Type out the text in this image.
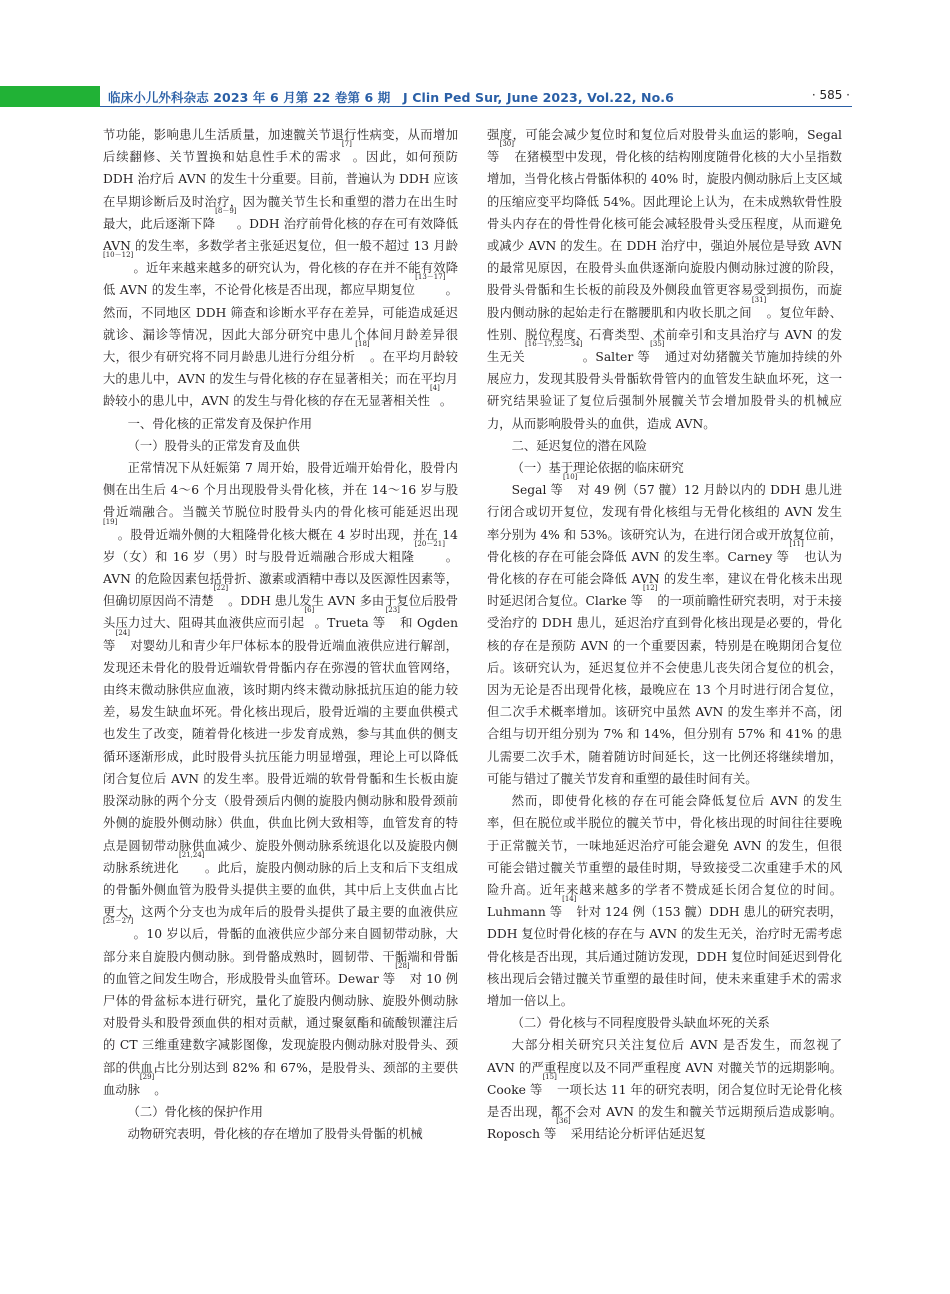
临床小儿外科杂志 2023 年 6 月第 22 卷第 6 期　J Clin Ped Sur, June 2023, Vol.22, No.6	· 585 ·

节功能，影响患儿生活质量，加速髋关节退行性病变，从而增加后续翻修、关节置换和姑息性手术的需求[7]。因此，如何预防 DDH 治疗后 AVN 的发生十分重要。目前，普遍认为 DDH 应该在早期诊断后及时治疗，因为髋关节生长和重塑的潜力在出生时最大，此后逐渐下降[8－9]。DDH 治疗前骨化核的存在可有效降低 AVN 的发生率，多数学者主张延迟复位，但一般不超过 13 月龄[10－12]。近年来越来越多的研究认为，骨化核的存在并不能有效降低 AVN 的发生率，不论骨化核是否出现，都应早期复位[13－17]。然而，不同地区 DDH 筛查和诊断水平存在差异，可能造成延迟就诊、漏诊等情况，因此大部分研究中患儿个体间月龄差异很大，很少有研究将不同月龄患儿进行分组分析[18]。在平均月龄较大的患儿中，AVN 的发生与骨化核的存在显著相关；而在平均月龄较小的患儿中，AVN 的发生与骨化核的存在无显著相关性[4]。

一、骨化核的正常发育及保护作用

（一）股骨头的正常发育及血供

正常情况下从妊娠第 7 周开始，股骨近端开始骨化，股骨内侧在出生后 4～6 个月出现股骨头骨化核，并在 14～16 岁与股骨近端融合。当髋关节脱位时股骨头内的骨化核可能延迟出现[19]。股骨近端外侧的大粗隆骨化核大概在 4 岁时出现，并在 14 岁（女）和 16 岁（男）时与股骨近端融合形成大粗隆[20－21]。AVN 的危险因素包括骨折、激素或酒精中毒以及医源性因素等，但确切原因尚不清楚[22]。DDH 患儿发生 AVN 多由于复位后股骨头压力过大、阻碍其血液供应而引起[6]。Trueta 等[23]和 Ogden 等[24]对婴幼儿和青少年尸体标本的股骨近端血液供应进行解剖，发现还未骨化的股骨近端软骨骨骺内存在弥漫的管状血管网络，由终末微动脉供应血液，该时期内终末微动脉抵抗压迫的能力较差，易发生缺血坏死。骨化核出现后，股骨近端的主要血供模式也发生了改变，随着骨化核进一步发育成熟，参与其血供的侧支循环逐渐形成，此时股骨头抗压能力明显增强，理论上可以降低闭合复位后 AVN 的发生率。股骨近端的软骨骨骺和生长板由旋股深动脉的两个分支（股骨颈后内侧的旋股内侧动脉和股骨颈前外侧的旋股外侧动脉）供血，供血比例大致相等，血管发育的特点是圆韧带动脉供血减少、旋股外侧动脉系统退化以及旋股内侧动脉系统进化[21,24]。此后，旋股内侧动脉的后上支和后下支组成的骨骺外侧血管为股骨头提供主要的血供，其中后上支供血占比更大，这两个分支也为成年后的股骨头提供了最主要的血液供应[25－27]。10 岁以后，骨骺的血液供应少部分来自圆韧带动脉，大部分来自旋股内侧动脉。到骨骼成熟时，圆韧带、干骺端和骨骺的血管之间发生吻合，形成股骨头血管环。Dewar 等[28]对 10 例尸体的骨盆标本进行研究，量化了旋股内侧动脉、旋股外侧动脉对股骨头和股骨颈血供的相对贡献，通过聚氨酯和硫酸钡灌注后的 CT 三维重建数字减影图像，发现旋股内侧动脉对股骨头、颈部的供血占比分别达到 82% 和 67%，是股骨头、颈部的主要供血动脉[29]。

（二）骨化核的保护作用

动物研究表明，骨化核的存在增加了股骨头骨骺的机械

强度，可能会减少复位时和复位后对股骨头血运的影响，Segal 等[30]在猪模型中发现，骨化核的结构刚度随骨化核的大小呈指数增加，当骨化核占骨骺体积的 40% 时，旋股内侧动脉后上支区域的压缩应变平均降低 54%。因此理论上认为，在未成熟软骨性股骨头内存在的骨性骨化核可能会减轻股骨头受压程度，从而避免或减少 AVN 的发生。在 DDH 治疗中，强迫外展位是导致 AVN 的最常见原因，在股骨头血供逐渐向旋股内侧动脉过渡的阶段，股骨头骨骺和生长板的前段及外侧段血管更容易受到损伤，而旋股内侧动脉的起始走行在髂腰肌和内收长肌之间[31]。复位年龄、性别、脱位程度、石膏类型、术前牵引和支具治疗与 AVN 的发生无关[16－17,32－34]。Salter 等[35]通过对幼猪髋关节施加持续的外展应力，发现其股骨头骨骺软骨管内的血管发生缺血坏死，这一研究结果验证了复位后强制外展髋关节会增加股骨头的机械应力，从而影响股骨头的血供，造成 AVN。

二、延迟复位的潜在风险

（一）基于理论依据的临床研究

Segal 等[10]对 49 例（57 髋）12 月龄以内的 DDH 患儿进行闭合或切开复位，发现有骨化核组与无骨化核组的 AVN 发生率分别为 4% 和 53%。该研究认为，在进行闭合或开放复位前，骨化核的存在可能会降低 AVN 的发生率。Carney 等[11]也认为骨化核的存在可能会降低 AVN 的发生率，建议在骨化核未出现时延迟闭合复位。Clarke 等[12]的一项前瞻性研究表明，对于未接受治疗的 DDH 患儿，延迟治疗直到骨化核出现是必要的，骨化核的存在是预防 AVN 的一个重要因素，特别是在晚期闭合复位后。该研究认为，延迟复位并不会使患儿丧失闭合复位的机会，因为无论是否出现骨化核，最晚应在 13 个月时进行闭合复位，但二次手术概率增加。该研究中虽然 AVN 的发生率并不高，闭合组与切开组分别为 7% 和 14%，但分别有 57% 和 41% 的患儿需要二次手术，随着随访时间延长，这一比例还将继续增加，可能与错过了髋关节发育和重塑的最佳时间有关。

然而，即使骨化核的存在可能会降低复位后 AVN 的发生率，但在脱位或半脱位的髋关节中，骨化核出现的时间往往要晚于正常髋关节，一味地延迟治疗可能会避免 AVN 的发生，但很可能会错过髋关节重塑的最佳时期，导致接受二次重建手术的风险升高。近年来越来越多的学者不赞成延长闭合复位的时间。Luhmann 等[14]针对 124 例（153 髋）DDH 患儿的研究表明，DDH 复位时骨化核的存在与 AVN 的发生无关，治疗时无需考虑骨化核是否出现，其后通过随访发现，DDH 复位时间延迟到骨化核出现后会错过髋关节重塑的最佳时间，使未来重建手术的需求增加一倍以上。

（二）骨化核与不同程度股骨头缺血坏死的关系

大部分相关研究只关注复位后 AVN 是否发生，而忽视了 AVN 的严重程度以及不同严重程度 AVN 对髋关节的远期影响。Cooke 等[15]一项长达 11 年的研究表明，闭合复位时无论骨化核是否出现，都不会对 AVN 的发生和髋关节远期预后造成影响。Roposch 等[36]采用结论分析评估延迟复
